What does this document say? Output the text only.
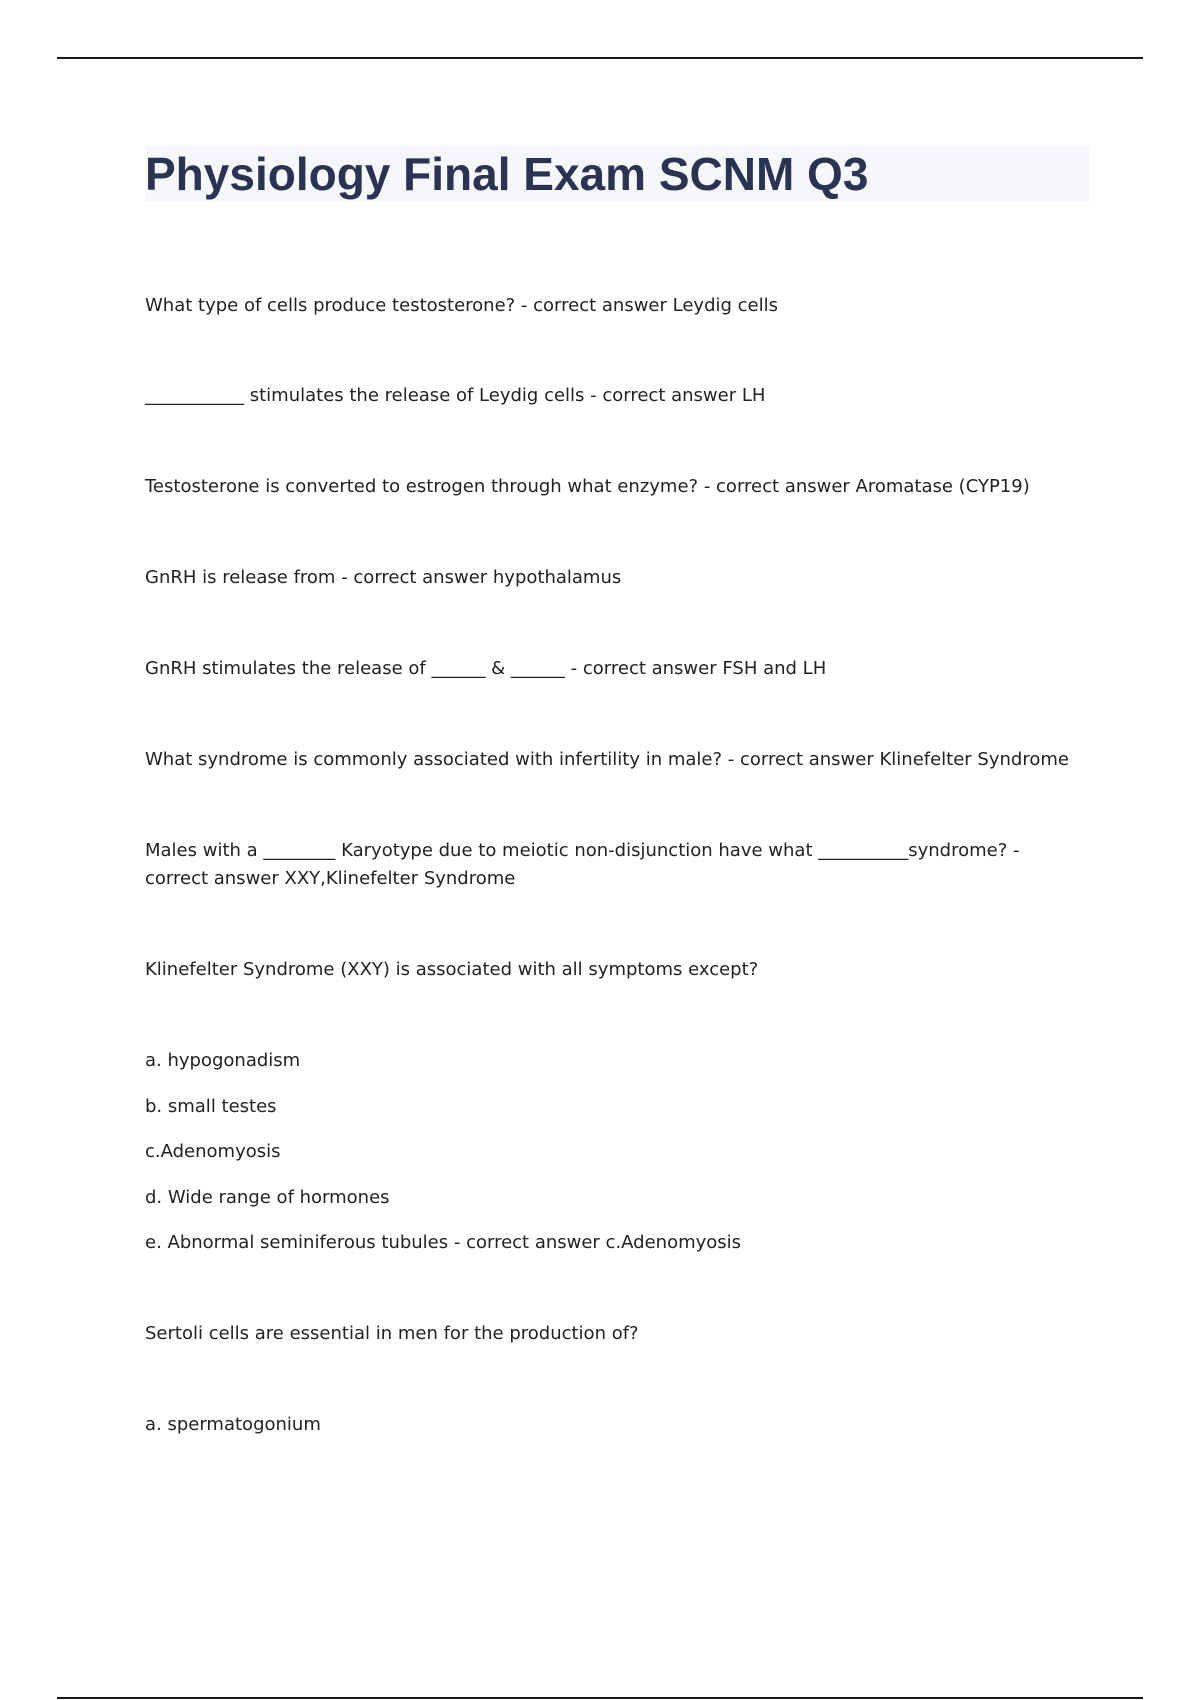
Physiology Final Exam SCNM Q3

What type of cells produce testosterone? - correct answer Leydig cells

___________ stimulates the release of Leydig cells - correct answer LH

Testosterone is converted to estrogen through what enzyme? - correct answer Aromatase (CYP19)

GnRH is release from - correct answer hypothalamus

GnRH stimulates the release of ______ & ______ - correct answer FSH and LH

What syndrome is commonly associated with infertility in male? - correct answer Klinefelter Syndrome

Males with a ________ Karyotype due to meiotic non-disjunction have what __________syndrome? - correct answer XXY,Klinefelter Syndrome

Klinefelter Syndrome (XXY) is associated with all symptoms except?

a. hypogonadism

b. small testes

c.Adenomyosis

d. Wide range of hormones

e. Abnormal seminiferous tubules - correct answer c.Adenomyosis

Sertoli cells are essential in men for the production of?

a. spermatogonium
